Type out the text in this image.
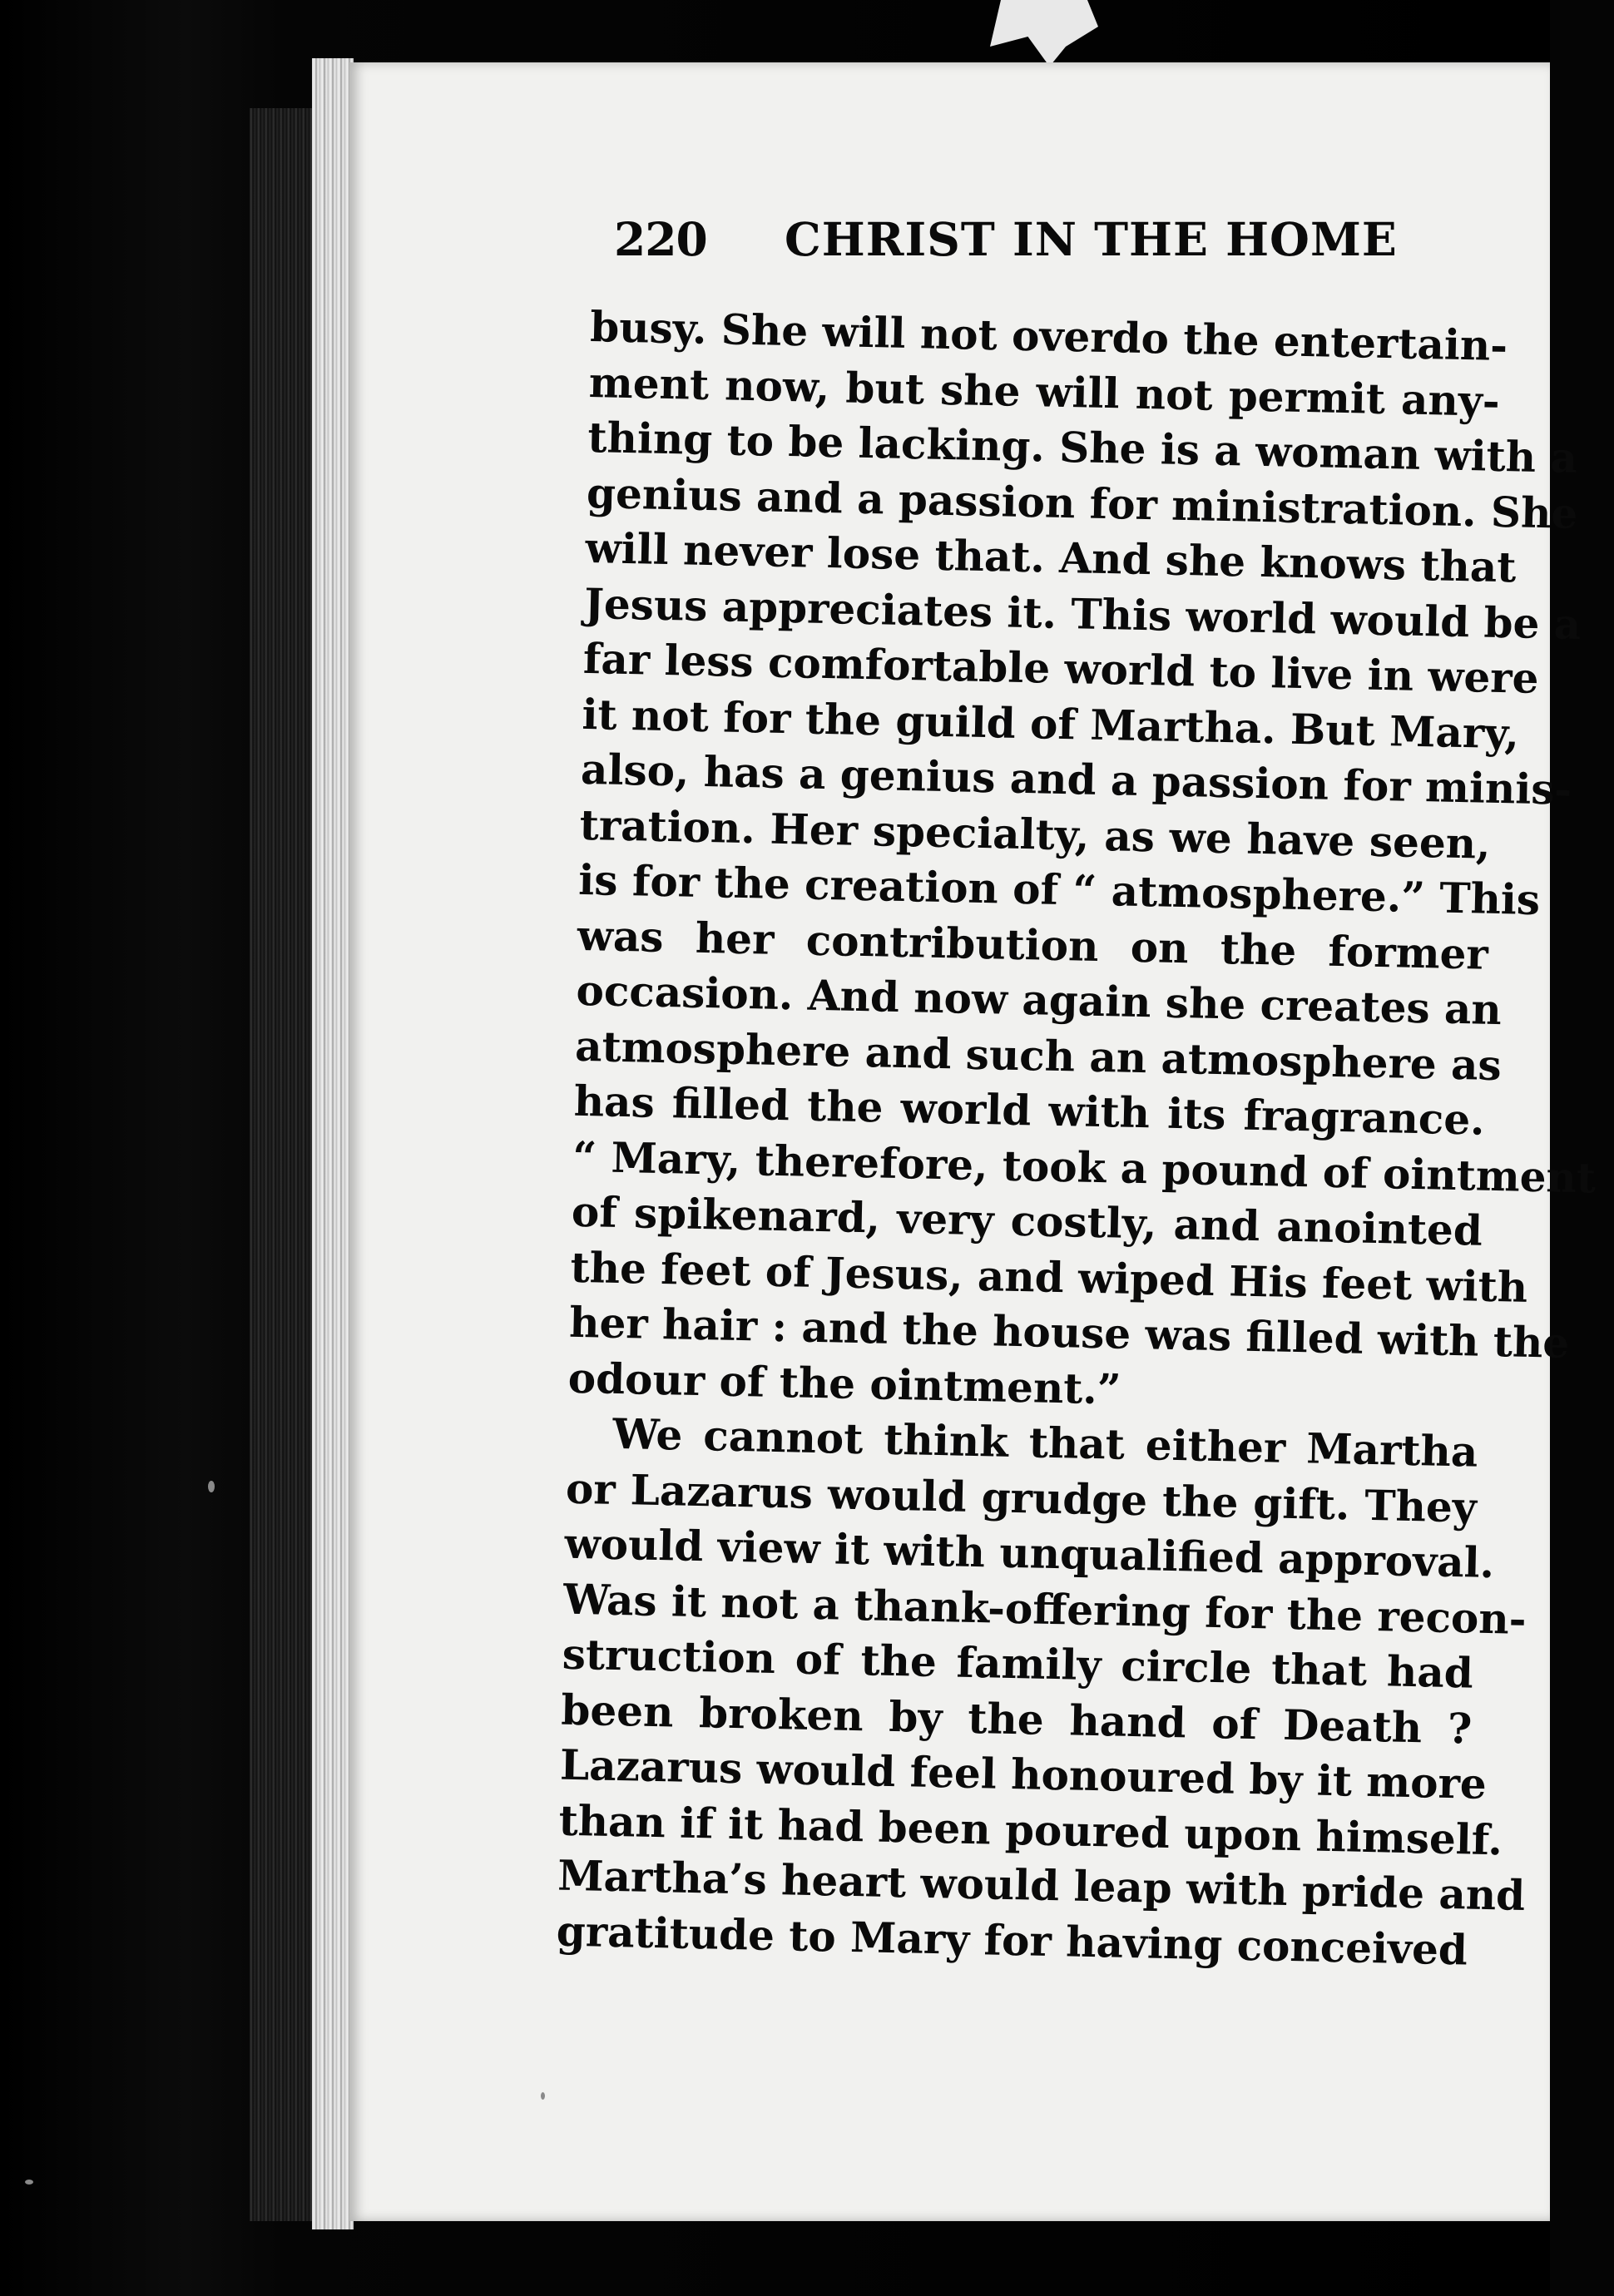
220 CHRIST IN THE HOME
busy. She will not overdo the entertain-
ment now, but she will not permit any-
thing to be lacking. She is a woman with a
genius and a passion for ministration. She
will never lose that. And she knows that
Jesus appreciates it. This world would be a
far less comfortable world to live in were
it not for the guild of Martha. But Mary,
also, has a genius and a passion for minis-
tration. Her specialty, as we have seen,
is for the creation of “ atmosphere.” This
was her contribution on the former
occasion. And now again she creates an
atmosphere and such an atmosphere as
has filled the world with its fragrance.
“ Mary, therefore, took a pound of ointment
of spikenard, very costly, and anointed
the feet of Jesus, and wiped His feet with
her hair : and the house was filled with the
odour of the ointment.”
We cannot think that either Martha
or Lazarus would grudge the gift. They
would view it with unqualified approval.
Was it not a thank-offering for the recon-
struction of the family circle that had
been broken by the hand of Death ?
Lazarus would feel honoured by it more
than if it had been poured upon himself.
Martha’s heart would leap with pride and
gratitude to Mary for having conceived
